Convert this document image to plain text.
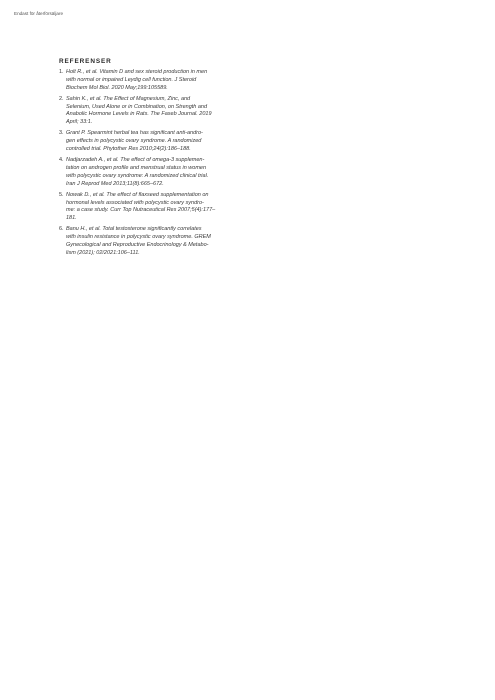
Endast för återförsäljare
REFERENSER
1. Holt R., et al. Vitamin D and sex steroid production in men
with normal or impaired Leydig cell function. J Steroid
Biochem Mol Biol. 2020 May;199:105589.
2. Sahin K., et al. The Effect of Magnesium, Zinc, and
Selenium, Used Alone or in Combination, on Strength and
Anabolic Hormone Levels in Rats. The Faseb Journal. 2019
April; 33:1.
3. Grant P. Spearmint herbal tea has significant anti-andro-
gen effects in polycystic ovary syndrome. A randomized
controlled trial. Phytother Res 2010;24(2):186–188.
4. Nadjarzadeh A., et al. The effect of omega-3 supplemen-
tation on androgen profile and menstrual status in women
with polycystic ovary syndrome: A randomized clinical trial.
Iran J Reprod Med 2013;11(8):665–672.
5. Nowak D., et al. The effect of flaxseed supplementation on
hormonal levels associated with polycystic ovary syndro-
me: a case study. Curr Top Nutraceutical Res 2007;5(4):177–
181.
6. Banu H., et al. Total testosterone significantly correlates
with insulin resistance in polycystic ovary syndrome. GREM
Gynecological and Reproductive Endocrinology & Metabo-
lism (2021); 02/2021:106–111.
